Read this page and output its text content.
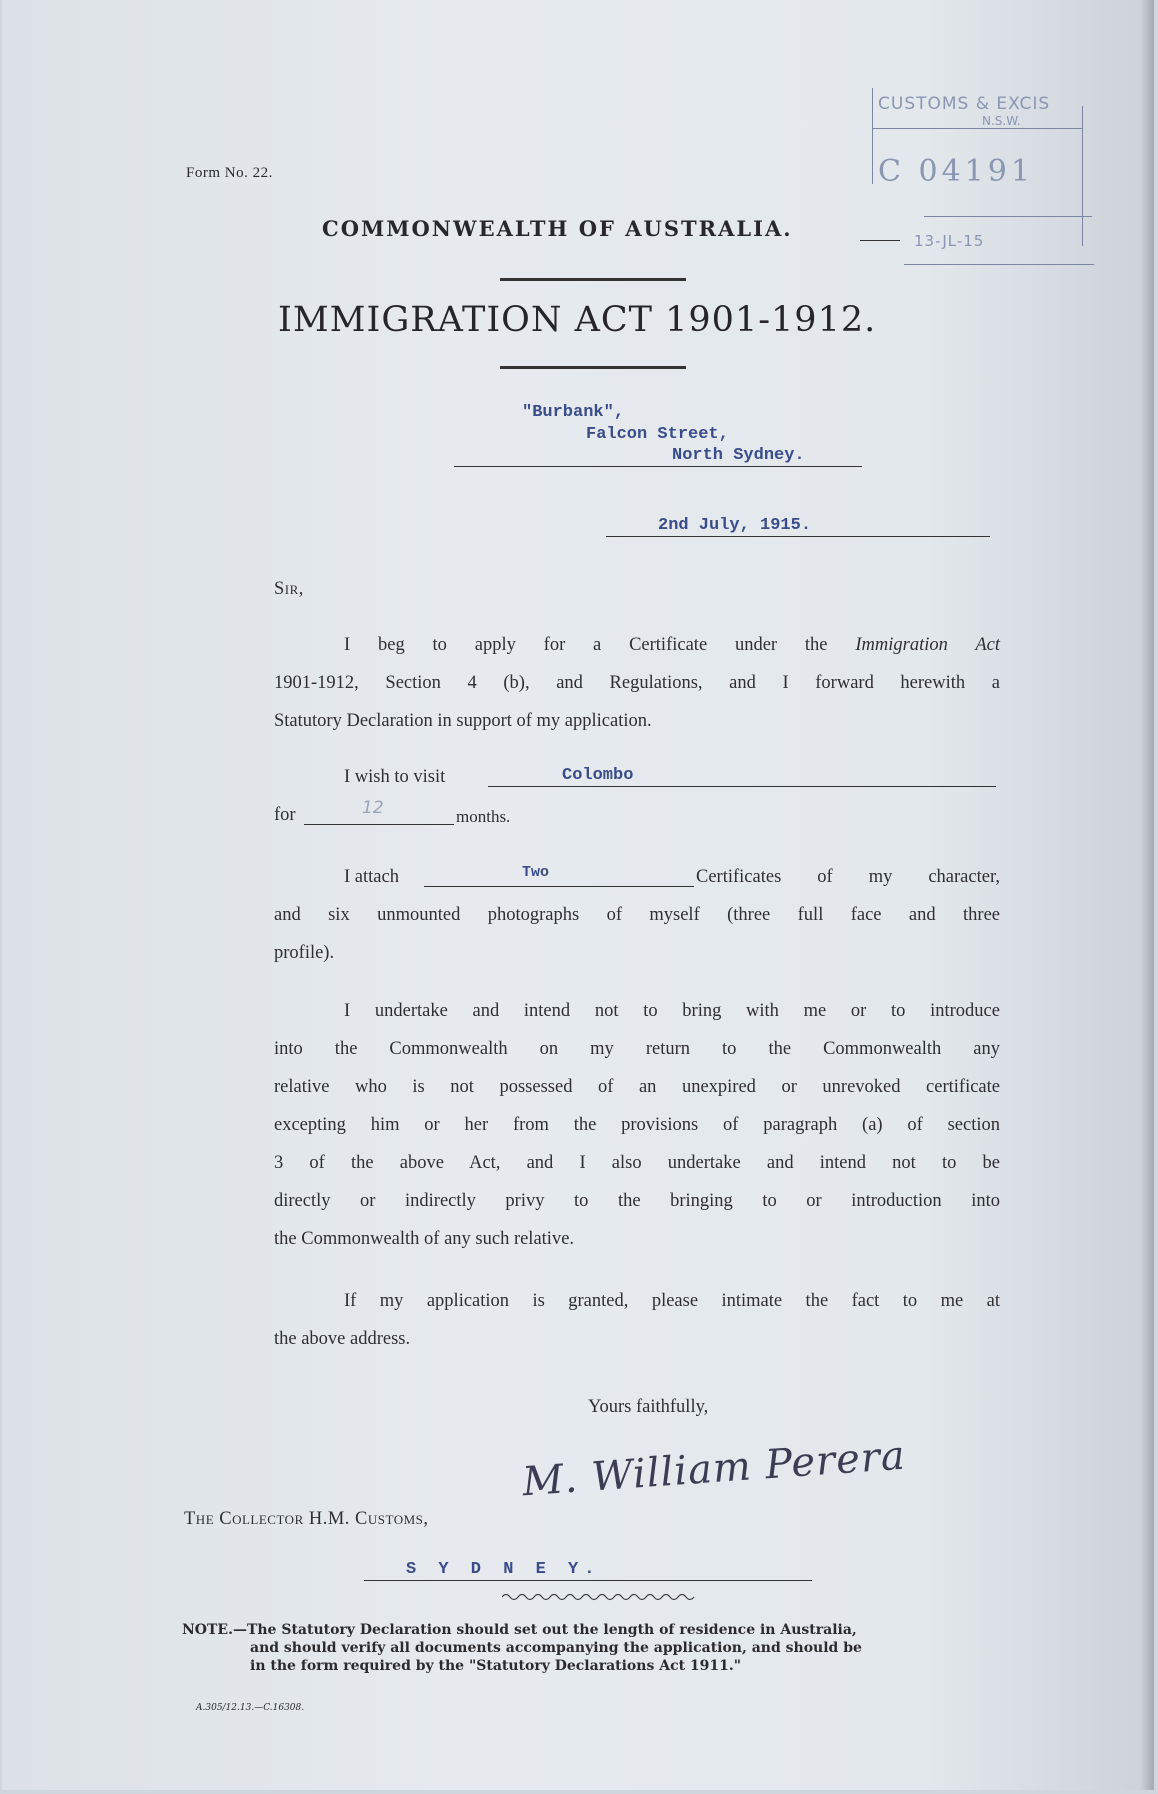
Form No. 22.
CUSTOMS & EXCIS
N.S.W.
C 04191
13-JL-15
COMMONWEALTH OF AUSTRALIA.
IMMIGRATION ACT 1901-1912.
"Burbank",
Falcon Street,
North Sydney.
2nd July, 1915.
Sir,
I beg to apply for a Certificate under the Immigration Act
1901-1912, Section 4 (b), and Regulations, and I forward herewith a
Statutory Declaration in support of my application.
I wish to visit	Colombo
for	12	months.
I attach	Two	Certificates of my character,
and six unmounted photographs of myself (three full face and three
profile).
I undertake and intend not to bring with me or to introduce
into the Commonwealth on my return to the Commonwealth any
relative who is not possessed of an unexpired or unrevoked certificate
excepting him or her from the provisions of paragraph (a) of section
3 of the above Act, and I also undertake and intend not to be
directly or indirectly privy to the bringing to or introduction into
the Commonwealth of any such relative.
If my application is granted, please intimate the fact to me at
the above address.
Yours faithfully,
M. William Perera
The Collector H.M. Customs,
S Y D N E Y.
NOTE.—The Statutory Declaration should set out the length of residence in Australia,
and should verify all documents accompanying the application, and should be
in the form required by the "Statutory Declarations Act 1911."
A.305/12.13.—C.16308.
